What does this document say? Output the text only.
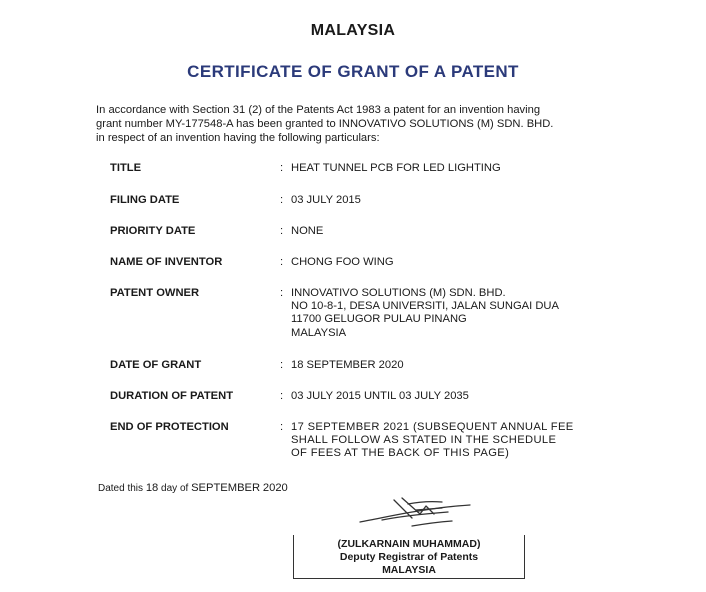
MALAYSIA
CERTIFICATE OF GRANT OF A PATENT
In accordance with Section 31 (2) of the Patents Act 1983 a patent for an invention having
grant number MY-177548-A has been granted to INNOVATIVO SOLUTIONS (M) SDN. BHD.
in respect of an invention having the following particulars:
TITLE	: HEAT TUNNEL PCB FOR LED LIGHTING
FILING DATE	: 03 JULY 2015
PRIORITY DATE	: NONE
NAME OF INVENTOR	: CHONG FOO WING
PATENT OWNER	: INNOVATIVO SOLUTIONS (M) SDN. BHD.
NO 10-8-1, DESA UNIVERSITI, JALAN SUNGAI DUA
11700 GELUGOR PULAU PINANG
MALAYSIA
DATE OF GRANT	: 18 SEPTEMBER 2020
DURATION OF PATENT	: 03 JULY 2015 UNTIL 03 JULY 2035
END OF PROTECTION	: 17 SEPTEMBER 2021 (SUBSEQUENT ANNUAL FEE
SHALL FOLLOW AS STATED IN THE SCHEDULE
OF FEES AT THE BACK OF THIS PAGE)
Dated this 18 day of SEPTEMBER 2020
(ZULKARNAIN MUHAMMAD)
Deputy Registrar of Patents
MALAYSIA
